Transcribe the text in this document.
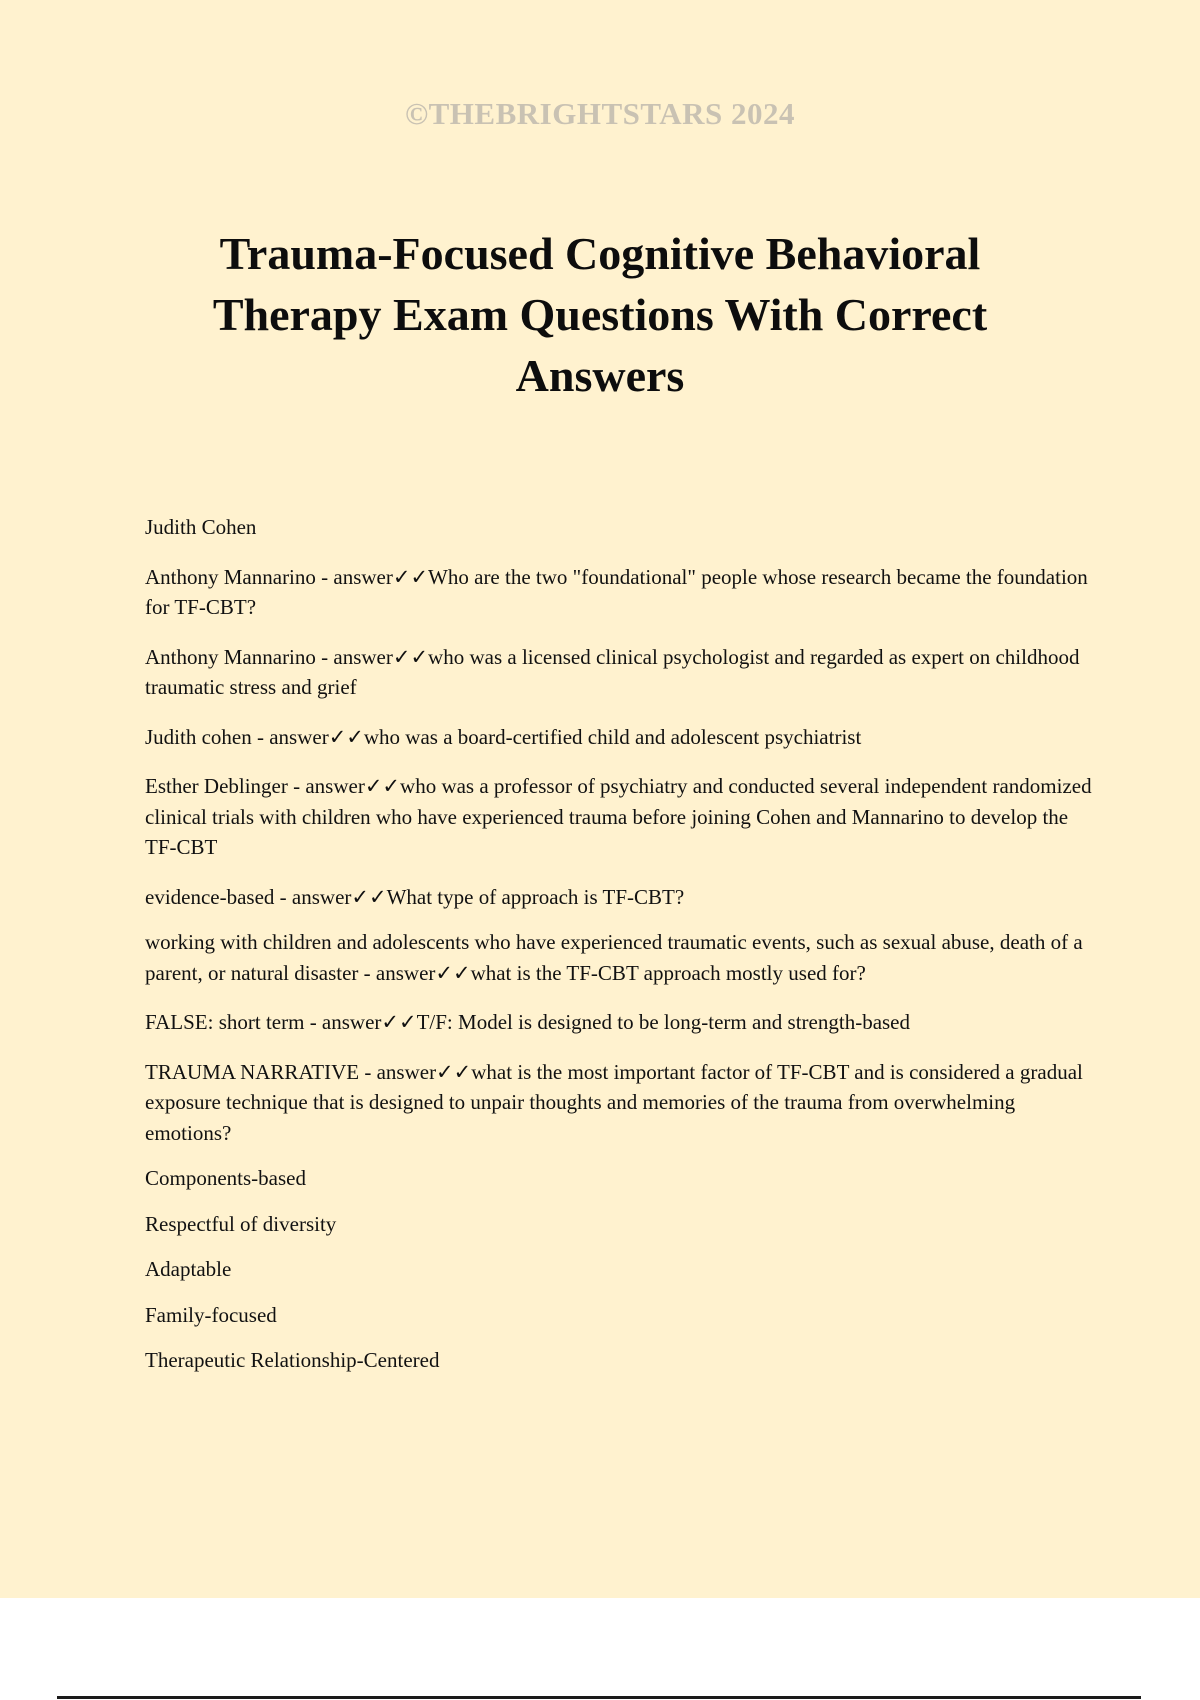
©THEBRIGHTSTARS 2024
Trauma-Focused Cognitive Behavioral Therapy Exam Questions With Correct Answers

Judith Cohen

Anthony Mannarino - answer✓✓Who are the two "foundational" people whose research became the foundation for TF-CBT?

Anthony Mannarino - answer✓✓who was a licensed clinical psychologist and regarded as expert on childhood traumatic stress and grief

Judith cohen - answer✓✓who was a board-certified child and adolescent psychiatrist

Esther Deblinger - answer✓✓who was a professor of psychiatry and conducted several independent randomized clinical trials with children who have experienced trauma before joining Cohen and Mannarino to develop the TF-CBT

evidence-based - answer✓✓What type of approach is TF-CBT?

working with children and adolescents who have experienced traumatic events, such as sexual abuse, death of a parent, or natural disaster - answer✓✓what is the TF-CBT approach mostly used for?

FALSE: short term - answer✓✓T/F: Model is designed to be long-term and strength-based

TRAUMA NARRATIVE - answer✓✓what is the most important factor of TF-CBT and is considered a gradual exposure technique that is designed to unpair thoughts and memories of the trauma from overwhelming emotions?

Components-based

Respectful of diversity

Adaptable

Family-focused

Therapeutic Relationship-Centered
